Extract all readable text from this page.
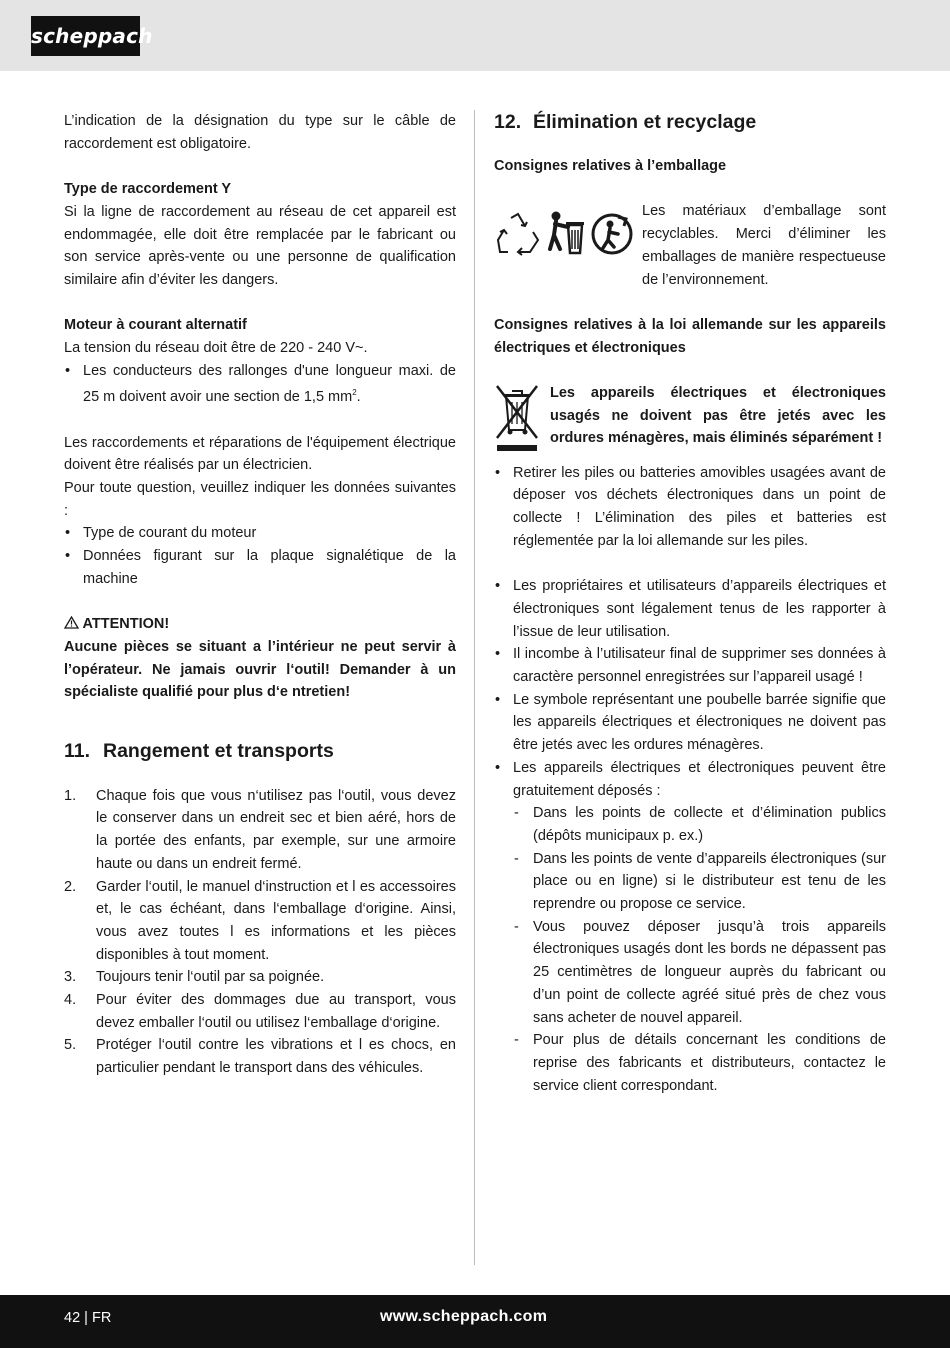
scheppach

L’indication de la désignation du type sur le câble de raccordement est obligatoire.

Type de raccordement Y

Si la ligne de raccordement au réseau de cet appareil est endommagée, elle doit être remplacée par le fabricant ou son service après-vente ou une personne de qualification similaire afin d’éviter les dangers.

Moteur à courant alternatif

La tension du réseau doit être de 220 - 240 V~.

• Les conducteurs des rallonges d'une longueur maxi. de 25 m doivent avoir une section de 1,5 $mm^2$.

Les raccordements et réparations de l'équipement électrique doivent être réalisés par un électricien.

Pour toute question, veuillez indiquer les données suivantes :

• Type de courant du moteur
• Données figurant sur la plaque signalétique de la machine

ATTENTION!

Aucune pièces se situant a l’intérieur ne peut servir à l’opérateur. Ne jamais ouvrir l‘outil! Demander à un spécialiste qualifié pour plus d‘e ntretien!

11. Rangement et transports

1. Chaque fois que vous n‘utilisez pas l‘outil, vous devez le conserver dans un endreit sec et bien aéré, hors de la portée des enfants, par exemple, sur une armoire haute ou dans un endreit fermé.
2. Garder l‘outil, le manuel d‘instruction et l es accessoires et, le cas échéant, dans l‘emballage d‘origine. Ainsi, vous avez toutes l es informations et les pièces disponibles à tout moment.
3. Toujours tenir l‘outil par sa poignée.
4. Pour éviter des dommages due au transport, vous devez emballer l‘outil ou utilisez l‘emballage d‘origine.
5. Protéger l‘outil contre les vibrations et l es chocs, en particulier pendant le transport dans des véhicules.

12. Élimination et recyclage

Consignes relatives à l’emballage

Les matériaux d’emballage sont recyclables. Merci d’éliminer les emballages de manière respectueuse de l’environnement.

Consignes relatives à la loi allemande sur les appareils électriques et électroniques

Les appareils électriques et électroniques usagés ne doivent pas être jetés avec les ordures ménagères, mais éliminés séparément !

• Retirer les piles ou batteries amovibles usagées avant de déposer vos déchets électroniques dans un point de collecte ! L’élimination des piles et batteries est réglementée par la loi allemande sur les piles.
• Les propriétaires et utilisateurs d’appareils électriques et électroniques sont légalement tenus de les rapporter à l’issue de leur utilisation.
• Il incombe à l’utilisateur final de supprimer ses données à caractère personnel enregistrées sur l’appareil usagé !
• Le symbole représentant une poubelle barrée signifie que les appareils électriques et électroniques ne doivent pas être jetés avec les ordures ménagères.
• Les appareils électriques et électroniques peuvent être gratuitement déposés :
- Dans les points de collecte et d’élimination publics (dépôts municipaux p. ex.)
- Dans les points de vente d’appareils électroniques (sur place ou en ligne) si le distributeur est tenu de les reprendre ou propose ce service.
- Vous pouvez déposer jusqu’à trois appareils électroniques usagés dont les bords ne dépassent pas 25 centimètres de longueur auprès du fabricant ou d’un point de collecte agréé situé près de chez vous sans acheter de nouvel appareil.
- Pour plus de détails concernant les conditions de reprise des fabricants et distributeurs, contactez le service client correspondant.
42 | FR	www.scheppach.com
